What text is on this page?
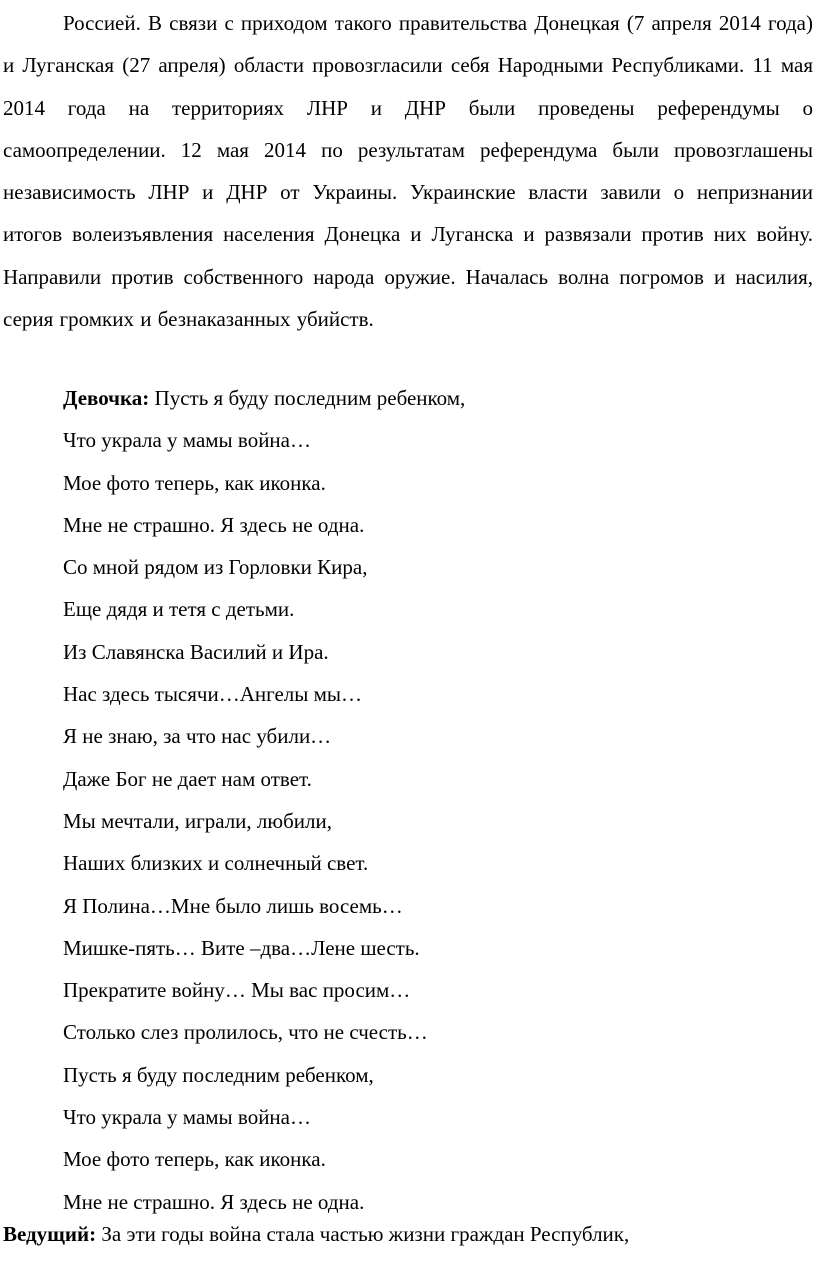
Россией. В связи с приходом такого правительства Донецкая (7 апреля 2014 года) и Луганская (27 апреля) области провозгласили себя Народными Республиками. 11 мая 2014 года на территориях ЛНР и ДНР были проведены референдумы о самоопределении. 12 мая 2014 по результатам референдума были провозглашены независимость ЛНР и ДНР от Украины. Украинские власти завили о непризнании итогов волеизъявления населения Донецка и Луганска и развязали против них войну. Направили против собственного народа оружие. Началась волна погромов и насилия, серия громких и безнаказанных убийств.

Девочка: Пусть я буду последним ребенком,
Что украла у мамы война…
Мое фото теперь, как иконка.
Мне не страшно. Я здесь не одна.
Со мной рядом из Горловки Кира,
Еще дядя и тетя с детьми.
Из Славянска Василий и Ира.
Нас здесь тысячи…Ангелы мы…
Я не знаю, за что нас убили…
Даже Бог не дает нам ответ.
Мы мечтали, играли, любили,
Наших близких и солнечный свет.
Я Полина…Мне было лишь восемь…
Мишке-пять… Вите –два…Лене шесть.
Прекратите войну… Мы вас просим…
Столько слез пролилось, что не счесть…
Пусть я буду последним ребенком,
Что украла у мамы война…
Мое фото теперь, как иконка.
Мне не страшно. Я здесь не одна.

Ведущий: За эти годы война стала частью жизни граждан Республик,
